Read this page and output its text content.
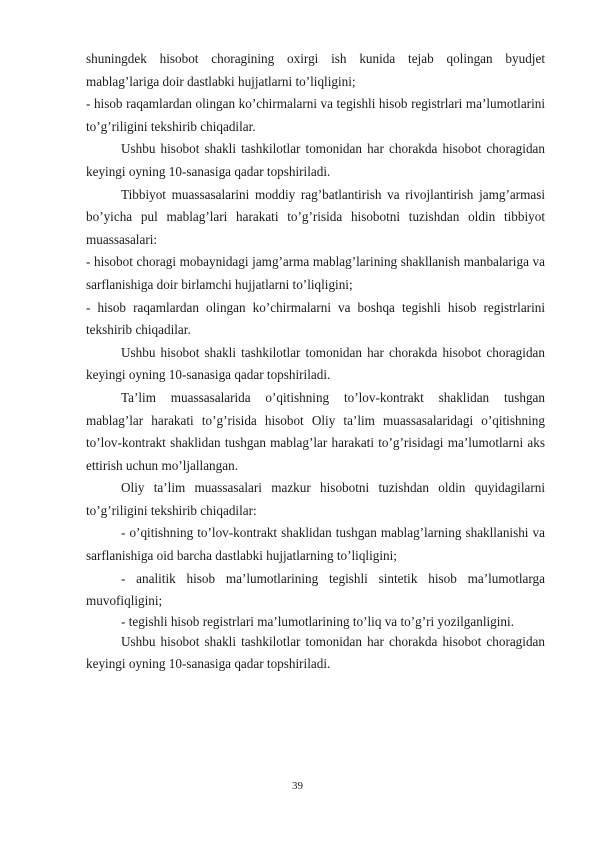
shuningdek hisobot choragining oxirgi ish kunida tejab qolingan byudjet mablag’lariga doir dastlabki hujjatlarni to’liqligini;

- hisob raqamlardan olingan ko’chirmalarni va tegishli hisob registrlari ma’lumotlarini to’g’riligini tekshirib chiqadilar.

Ushbu hisobot shakli tashkilotlar tomonidan har chorakda hisobot choragidan keyingi oyning 10-sanasiga qadar topshiriladi.

Tibbiyot muassasalarini moddiy rag’batlantirish va rivojlantirish jamg’armasi bo’yicha pul mablag’lari harakati to’g’risida hisobotni tuzishdan oldin tibbiyot muassasalari:

- hisobot choragi mobaynidagi jamg’arma mablag’larining shakllanish manbalariga va sarflanishiga doir birlamchi hujjatlarni to’liqligini;

- hisob raqamlardan olingan ko’chirmalarni va boshqa tegishli hisob registrlarini tekshirib chiqadilar.

Ushbu hisobot shakli tashkilotlar tomonidan har chorakda hisobot choragidan keyingi oyning 10-sanasiga qadar topshiriladi.

Ta’lim muassasalarida o’qitishning to’lov-kontrakt shaklidan tushgan mablag’lar harakati to’g’risida hisobot Oliy ta’lim muassasalaridagi o’qitishning to’lov-kontrakt shaklidan tushgan mablag’lar harakati to’g’risidagi ma’lumotlarni aks ettirish uchun mo’ljallangan.

Oliy ta’lim muassasalari mazkur hisobotni tuzishdan oldin quyidagilarni to’g’riligini tekshirib chiqadilar:

- o’qitishning to’lov-kontrakt shaklidan tushgan mablag’larning shakllanishi va sarflanishiga oid barcha dastlabki hujjatlarning to’liqligini;

- analitik hisob ma’lumotlarining tegishli sintetik hisob ma’lumotlarga muvofiqligini;

- tegishli hisob registrlari ma’lumotlarining to’liq va to’g’ri yozilganligini.

Ushbu hisobot shakli tashkilotlar tomonidan har chorakda hisobot choragidan keyingi oyning 10-sanasiga qadar topshiriladi.

39
